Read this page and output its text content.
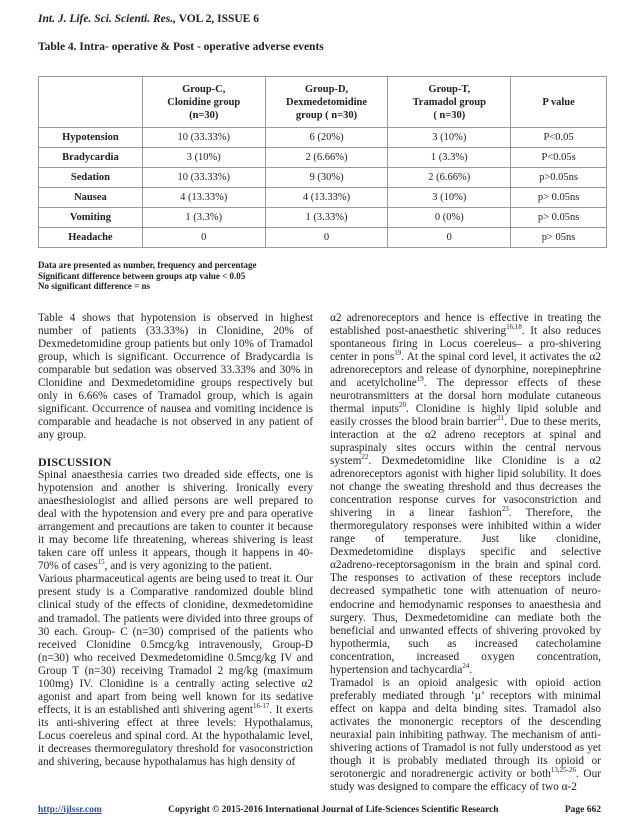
Int. J. Life. Sci. Scienti. Res., VOL 2, ISSUE 6
Table 4. Intra- operative & Post - operative adverse events
	Group-C,
Clonidine group
(n=30)	Group-D,
Dexmedetomidine
group ( n=30)	Group-T,
Tramadol group
( n=30)	P value
Hypotension	10 (33.33%)	6 (20%)	3 (10%)	P<0.05
Bradycardia	3 (10%)	2 (6.66%)	1 (3.3%)	P<0.05s
Sedation	10 (33.33%)	9 (30%)	2 (6.66%)	p>0.05ns
Nausea	4 (13.33%)	4 (13.33%)	3 (10%)	p> 0.05ns
Vomiting	1 (3.3%)	1 (3.33%)	0 (0%)	p> 0.05ns
Headache	0	0	0	p> 05ns
Data are presented as number, frequency and percentage
Significant difference between groups atp value < 0.05
No significant difference = ns

Table 4 shows that hypotension is observed in highest number of patients (33.33%) in Clonidine, 20% of Dexmedetomidine group patients but only 10% of Tramadol group, which is significant. Occurrence of Bradycardia is comparable but sedation was observed 33.33% and 30% in Clonidine and Dexmedetomidine groups respectively but only in 6.66% cases of Tramadol group, which is again significant. Occurrence of nausea and vomiting incidence is comparable and headache is not observed in any patient of any group.

DISCUSSION

Spinal anaesthesia carries two dreaded side effects, one is hypotension and another is shivering. Ironically every anaesthesiologist and allied persons are well prepared to deal with the hypotension and every pre and para operative arrangement and precautions are taken to counter it because it may become life threatening, whereas shivering is least taken care off unless it appears, though it happens in 40-70% of cases$^{15}$, and is very agonizing to the patient.

Various pharmaceutical agents are being used to treat it. Our present study is a Comparative randomized double blind clinical study of the effects of clonidine, dexmedetomidine and tramadol. The patients were divided into three groups of 30 each. Group- C (n=30) comprised of the patients who received Clonidine 0.5mcg/kg intravenously, Group-D (n=30) who received Dexmedetomidine 0.5mcg/kg IV and Group T (n=30) receiving Tramadol 2 mg/kg (maximum 100mg) IV. Clonidine is a centrally acting selective α2 agonist and apart from being well known for its sedative effects, it is an established anti shivering agent$^{16-17}$. It exerts its anti-shivering effect at three levels: Hypothalamus, Locus coereleus and spinal cord. At the hypothalamic level, it decreases thermoregulatory threshold for vasoconstriction and shivering, because hypothalamus has high density of

α2 adrenoreceptors and hence is effective in treating the established post-anaesthetic shivering$^{16,18}$. It also reduces spontaneous firing in Locus coereleus– a pro-shivering center in pons$^{19}$. At the spinal cord level, it activates the α2 adrenoreceptors and release of dynorphine, norepinephrine and acetylcholine$^{19}$. The depressor effects of these neurotransmitters at the dorsal horn modulate cutaneous thermal inputs$^{20}$. Clonidine is highly lipid soluble and easily crosses the blood brain barrier$^{21}$. Due to these merits, interaction at the α2 adreno receptors at spinal and supraspinaly sites occurs within the central nervous system$^{22}$. Dexmedetomidine like Clonidine is a α2 adrenoreceptors agonist with higher lipid solubility. It does not change the sweating threshold and thus decreases the concentration response curves for vasoconstriction and shivering in a linear fashion$^{23}$. Therefore, the thermoregulatory responses were inhibited within a wider range of temperature. Just like clonidine, Dexmedetomidine displays specific and selective α2adreno-receptorsagonism in the brain and spinal cord. The responses to activation of these receptors include decreased sympathetic tone with attenuation of neuro-endocrine and hemodynamic responses to anaesthesia and surgery. Thus, Dexmedetomidine can mediate both the beneficial and unwanted effects of shivering provoked by hypothermia, such as increased catecholamine concentration, increased oxygen concentration, hypertension and tachycardia$^{24}$.

Tramadol is an opioid analgesic with opioid action preferably mediated through ‘µ’ receptors with minimal effect on kappa and delta binding sites. Tramadol also activates the mononergic receptors of the descending neuraxial pain inhibiting pathway. The mechanism of anti-shivering actions of Tramadol is not fully understood as yet though it is probably mediated through its opioid or serotonergic and noradrenergic activity or both$^{13,25-26}$. Our study was designed to compare the efficacy of two α-2

http://ijlssr.com	Copyright © 2015-2016 International Journal of Life-Sciences Scientific Research	Page 662
